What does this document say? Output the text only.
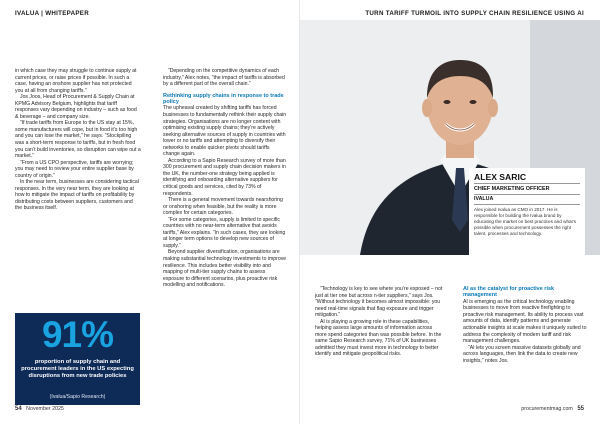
IVALUA | WHITEPAPER

in which case they may struggle to continue supply at current prices, or raise prices if possible. In such a case, having an onshore supplier has not protected you at all from changing tariffs.”

Jos Joos, Head of Procurement & Supply Chain at KPMG Advisory Belgium, highlights that tariff responses vary depending on industry – such as food & beverage – and company size.

“If trade tariffs from Europe to the US stay at 15%, some manufacturers will cope, but in food it’s too high and you can lose the market,” he says. “Stockpiling was a short-term response to tariffs, but in fresh food you can’t build inventories, so disruption can wipe out a market.”

“From a US CPO perspective, tariffs are worrying; you may need to review your entire supplier base by country of origin.”

In the near term, businesses are considering tactical responses. In the very near term, they are looking at how to mitigate the impact of tariffs on profitability by distributing costs between suppliers, customers and the business itself.

91%
proportion of supply chain and procurement leaders in the US expecting disruptions from new trade policies
(Ivalua/Sapio Research)

“Depending on the competitive dynamics of each industry,” Alex notes, “the impact of tariffs is absorbed by a different part of the overall chain.”

Rethinking supply chains in response to trade policy

The upheaval created by shifting tariffs has forced businesses to fundamentally rethink their supply chain strategies. Organisations are no longer content with optimising existing supply chains; they’re actively seeking alternative sources of supply in countries with lower or no tariffs and attempting to diversify their networks to enable quicker pivots should tariffs change again.

According to a Sapio Research survey of more than 300 procurement and supply chain decision makers in the UK, the number-one strategy being applied is identifying and onboarding alternative suppliers for critical goods and services, cited by 73% of respondents.

There is a general movement towards nearshoring or onshoring when feasible, but the reality is more complex for certain categories.

“For some categories, supply is limited to specific countries with no near-term alternative that avoids tariffs,” Alex explains. “In such cases, they are looking at longer term options to develop new sources of supply.”

Beyond supplier diversification, organisations are making substantial technology investments to improve resilience. This includes better visibility into and mapping of multi-tier supply chains to assess exposure to different scenarios, plus proactive risk modelling and notifications.

54 November 2025
TURN TARIFF TURMOIL INTO SUPPLY CHAIN RESILIENCE USING AI
ALEX SARIC
CHIEF MARKETING OFFICER
IVALUA
Alex joined Ivalua as CMO in 2017. He is responsible for building the Ivalua brand by educating the market on best practices and what’s possible when procurement possesses the right talent, processes and technology.

“Technology is key to see where you’re exposed – not just at tier one but across n-tier suppliers,” says Jos. “Without technology it becomes almost impossible: you need real-time signals that flag exposure and trigger mitigation.”

AI is playing a growing role in these capabilities, helping assess large amounts of information across more spend categories than was possible before. In the same Sapio Research survey, 71% of UK businesses admitted they must invest more in technology to better identify and mitigate geopolitical risks.

AI as the catalyst for proactive risk management

AI is emerging as the critical technology enabling businesses to move from reactive firefighting to proactive risk management. Its ability to process vast amounts of data, identify patterns and generate actionable insights at scale makes it uniquely suited to address the complexity of modern tariff and risk management challenges.

“AI lets you screen massive datasets globally and across languages, then link the data to create new insights,” notes Jos.

procurementmag.com 55
